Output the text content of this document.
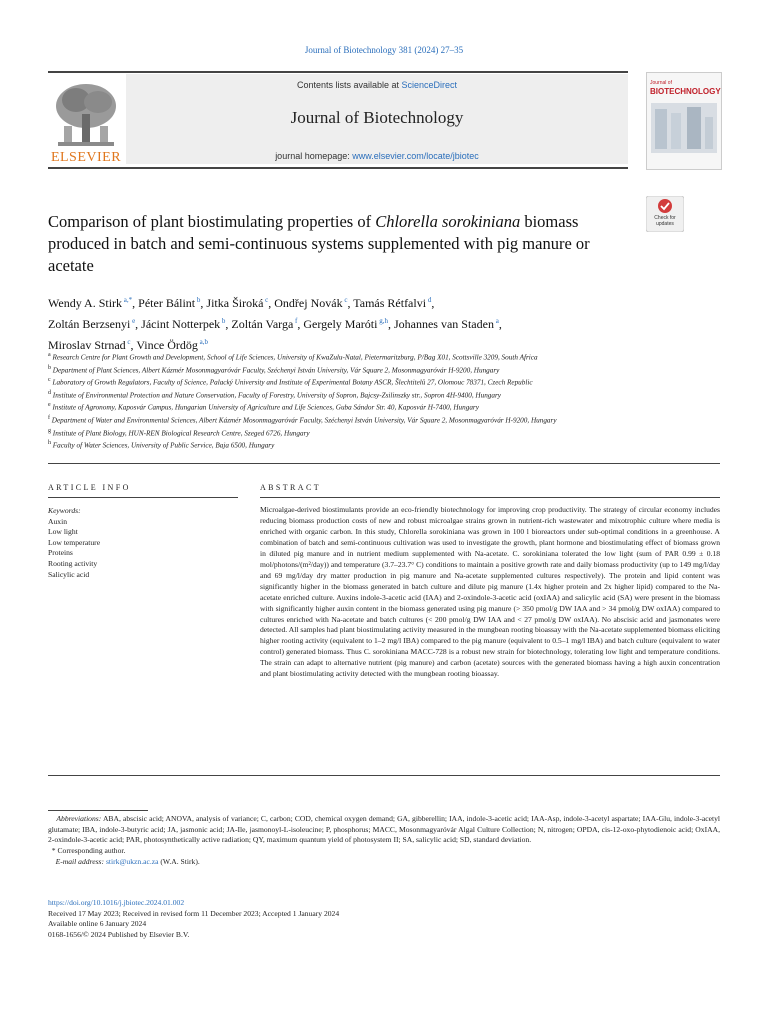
Journal of Biotechnology 381 (2024) 27–35
ELSEVIER
Contents lists available at ScienceDirect
Journal of Biotechnology
journal homepage: www.elsevier.com/locate/jbiotec
Journal of
BIOTECHNOLOGY
Check for updates
Comparison of plant biostimulating properties of Chlorella sorokiniana biomass produced in batch and semi-continuous systems supplemented with pig manure or acetate
Wendy A. Stirk $^{a,*}$, Péter Bálint $^b$, Jitka Široká $^c$, Ondřej Novák $^c$, Tamás Rétfalvi $^d$,
Zoltán Berzsenyi $^e$, Jácint Notterpek $^b$, Zoltán Varga $^f$, Gergely Maróti $^{g,h}$, Johannes van Staden $^a$,
Miroslav Strnad $^c$, Vince Ördög $^{a,b}$
$^a$ Research Centre for Plant Growth and Development, School of Life Sciences, University of KwaZulu-Natal, Pietermaritzburg, P/Bag X01, Scottsville 3209, South Africa
$^b$ Department of Plant Sciences, Albert Kázmér Mosonmagyaróvár Faculty, Széchenyi István University, Vár Square 2, Mosonmagyaróvár H-9200, Hungary
$^c$ Laboratory of Growth Regulators, Faculty of Science, Palacký University and Institute of Experimental Botany ASCR, Šlechtitelů 27, Olomouc 78371, Czech Republic
$^d$ Institute of Environmental Protection and Nature Conservation, Faculty of Forestry, University of Sopron, Bajcsy-Zsilinszky str., Sopron 4H-9400, Hungary
$^e$ Institute of Agronomy, Kaposvár Campus, Hungarian University of Agriculture and Life Sciences, Guba Sándor Str. 40, Kaposvár H-7400, Hungary
$^f$ Department of Water and Environmental Sciences, Albert Kázmér Mosonmagyaróvár Faculty, Széchenyi István University, Vár Square 2, Mosonmagyaróvár H-9200, Hungary
$^g$ Institute of Plant Biology, HUN-REN Biological Research Centre, Szeged 6726, Hungary
$^h$ Faculty of Water Sciences, University of Public Service, Baja 6500, Hungary
ARTICLE INFO	ABSTRACT
Keywords:
Auxin
Low light
Low temperature
Proteins
Rooting activity
Salicylic acid
Microalgae-derived biostimulants provide an eco-friendly biotechnology for improving crop productivity. The strategy of circular economy includes reducing biomass production costs of new and robust microalgae strains grown in nutrient-rich wastewater and mixotrophic culture where media is enriched with organic carbon. In this study, Chlorella sorokiniana was grown in 100 l bioreactors under sub-optimal conditions in a greenhouse. A combination of batch and semi-continuous cultivation was used to investigate the growth, plant hormone and biostimulating effect of biomass grown in diluted pig manure and in nutrient medium supplemented with Na-acetate. C. sorokiniana tolerated the low light (sum of PAR 0.99 ± 0.18 mol/photons/(m²/day)) and temperature (3.7–23.7° C) conditions to maintain a positive growth rate and daily biomass productivity (up to 149 mg/l/day and 69 mg/l/day dry matter production in pig manure and Na-acetate supplemented cultures respectively). The protein and lipid content was significantly higher in the biomass generated in batch culture and dilute pig manure (1.4x higher protein and 2x higher lipid) compared to the Na-acetate enriched culture. Auxins indole-3-acetic acid (IAA) and 2-oxindole-3-acetic acid (oxIAA) and salicylic acid (SA) were present in the biomass with significantly higher auxin content in the biomass generated using pig manure (> 350 pmol/g DW IAA and > 34 pmol/g DW oxIAA) compared to cultures enriched with Na-acetate and batch cultures (< 200 pmol/g DW IAA and < 27 pmol/g DW oxIAA). No abscisic acid and jasmonates were detected. All samples had plant biostimulating activity measured in the mungbean rooting bioassay with the Na-acetate supplemented biomass eliciting higher rooting activity (equivalent to 1–2 mg/l IBA) compared to the pig manure (equivalent to 0.5–1 mg/l IBA) and batch culture (equivalent to water control) generated biomass. Thus C. sorokiniana MACC-728 is a robust new strain for biotechnology, tolerating low light and temperature conditions. The strain can adapt to alternative nutrient (pig manure) and carbon (acetate) sources with the generated biomass having a high auxin concentration and plant biostimulating activity detected with the mungbean rooting bioassay.
Abbreviations: ABA, abscisic acid; ANOVA, analysis of variance; C, carbon; COD, chemical oxygen demand; GA, gibberellin; IAA, indole-3-acetic acid; IAA-Asp, indole-3-acetyl aspartate; IAA-Glu, indole-3-acetyl glutamate; IBA, indole-3-butyric acid; JA, jasmonic acid; JA-Ile, jasmonoyl-L-isoleucine; P, phosphorus; MACC, Mosonmagyaróvár Algal Culture Collection; N, nitrogen; OPDA, cis-12-oxo-phytodienoic acid; OxIAA, 2-oxindole-3-acetic acid; PAR, photosynthetically active radiation; QY, maximum quantum yield of photosystem II; SA, salicylic acid; SD, standard deviation.
* Corresponding author.
E-mail address: stirk@ukzn.ac.za (W.A. Stirk).
https://doi.org/10.1016/j.jbiotec.2024.01.002
Received 17 May 2023; Received in revised form 11 December 2023; Accepted 1 January 2024
Available online 6 January 2024
0168-1656/© 2024 Published by Elsevier B.V.
